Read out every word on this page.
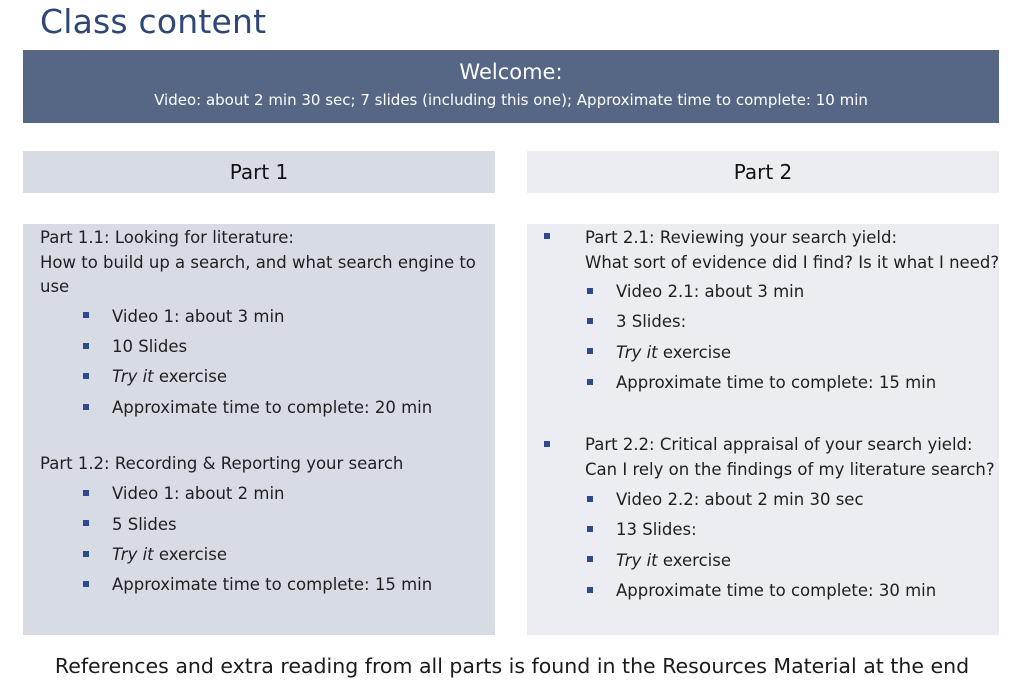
Class content
Welcome:
Video: about 2 min 30 sec; 7 slides (including this one); Approximate time to complete: 10 min
Part 1	Part 2
Part 1.1: Looking for literature:
How to build up a search, and what search engine to
use
Video 1: about 3 min
10 Slides
Try it exercise
Approximate time to complete: 20 min
Part 1.2: Recording & Reporting your search
Video 1: about 2 min
5 Slides
Try it exercise
Approximate time to complete: 15 min
Part 2.1: Reviewing your search yield:
What sort of evidence did I find? Is it what I need?
Video 2.1: about 3 min
3 Slides:
Try it exercise
Approximate time to complete: 15 min
Part 2.2: Critical appraisal of your search yield:
Can I rely on the findings of my literature search?
Video 2.2: about 2 min 30 sec
13 Slides:
Try it exercise
Approximate time to complete: 30 min
References and extra reading from all parts is found in the Resources Material at the end
